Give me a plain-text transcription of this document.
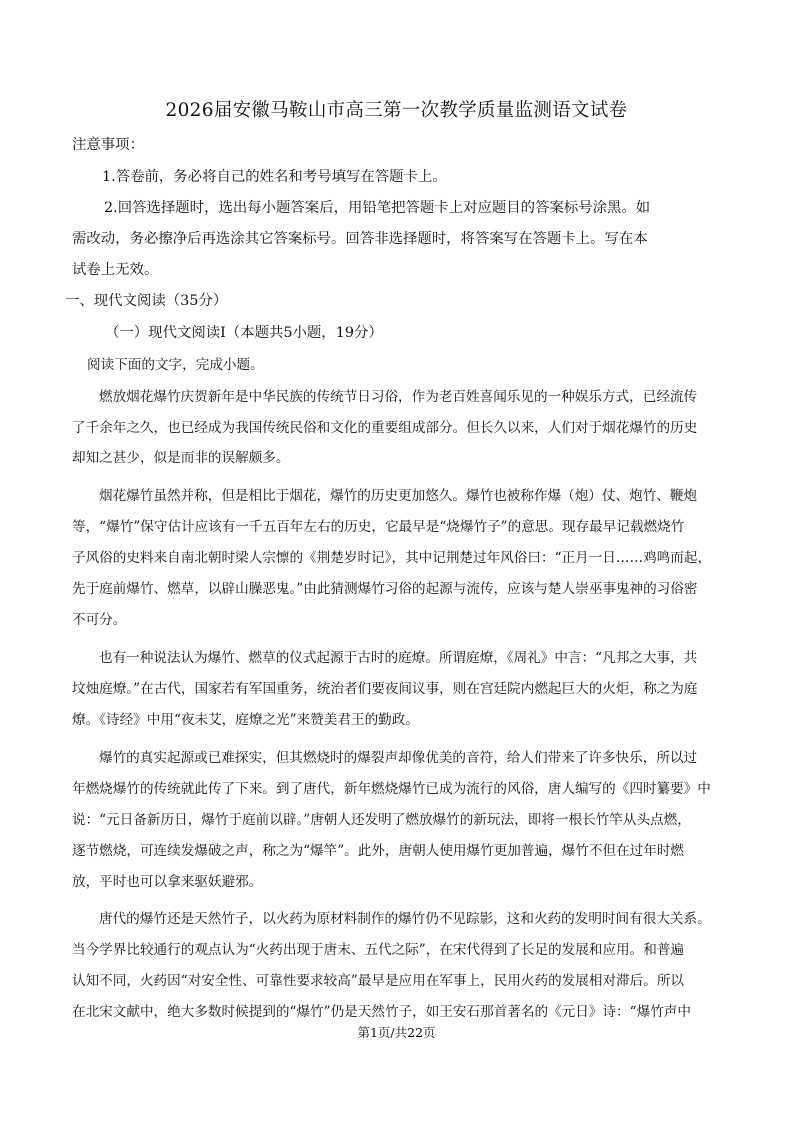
2026届安徽马鞍山市高三第一次教学质量监测语文试卷
注意事项：
1.答卷前，务必将自己的姓名和考号填写在答题卡上。
2.回答选择题时，选出每小题答案后，用铅笔把答题卡上对应题目的答案标号涂黑。如
需改动，务必擦净后再选涂其它答案标号。回答非选择题时，将答案写在答题卡上。写在本
试卷上无效。
一、现代文阅读（35分）
（一）现代文阅读Ⅰ（本题共5小题，19分）
阅读下面的文字，完成小题。
燃放烟花爆竹庆贺新年是中华民族的传统节日习俗，作为老百姓喜闻乐见的一种娱乐方式，已经流传
了千余年之久，也已经成为我国传统民俗和文化的重要组成部分。但长久以来，人们对于烟花爆竹的历史
却知之甚少，似是而非的误解颇多。
烟花爆竹虽然并称，但是相比于烟花，爆竹的历史更加悠久。爆竹也被称作爆（炮）仗、炮竹、鞭炮
等，“爆竹”保守估计应该有一千五百年左右的历史，它最早是“烧爆竹子”的意思。现存最早记载燃烧竹
子风俗的史料来自南北朝时梁人宗懔的《荆楚岁时记》，其中记荆楚过年风俗曰：“正月一日……鸡鸣而起，
先于庭前爆竹、燃草，以辟山臊恶鬼。”由此猜测爆竹习俗的起源与流传，应该与楚人崇巫事鬼神的习俗密
不可分。
也有一种说法认为爆竹、燃草的仪式起源于古时的庭燎。所谓庭燎，《周礼》中言：“凡邦之大事，共
坟烛庭燎。”在古代，国家若有军国重务，统治者们要夜间议事，则在宫廷院内燃起巨大的火炬，称之为庭
燎。《诗经》中用“夜未艾，庭燎之光”来赞美君王的勤政。
爆竹的真实起源或已难探实，但其燃烧时的爆裂声却像优美的音符，给人们带来了许多快乐，所以过
年燃烧爆竹的传统就此传了下来。到了唐代，新年燃烧爆竹已成为流行的风俗，唐人编写的《四时纂要》中
说：“元日备新历日，爆竹于庭前以辟。”唐朝人还发明了燃放爆竹的新玩法，即将一根长竹竿从头点燃，
逐节燃烧，可连续发爆破之声，称之为“爆竿”。此外，唐朝人使用爆竹更加普遍，爆竹不但在过年时燃
放，平时也可以拿来驱妖避邪。
唐代的爆竹还是天然竹子，以火药为原材料制作的爆竹仍不见踪影，这和火药的发明时间有很大关系。
当今学界比较通行的观点认为“火药出现于唐末、五代之际”，在宋代得到了长足的发展和应用。和普遍
认知不同，火药因“对安全性、可靠性要求较高”最早是应用在军事上，民用火药的发展相对滞后。所以
在北宋文献中，绝大多数时候提到的“爆竹”仍是天然竹子，如王安石那首著名的《元日》诗：“爆竹声中
第1页/共22页
